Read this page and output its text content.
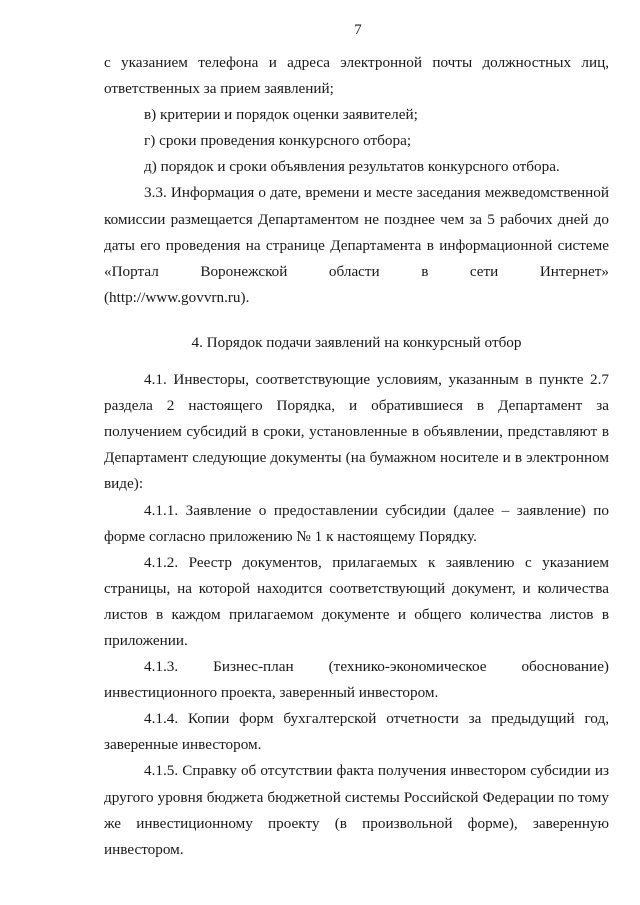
7

с указанием телефона и адреса электронной почты должностных лиц, ответственных за прием заявлений;

в) критерии и порядок оценки заявителей;

г) сроки проведения конкурсного отбора;

д) порядок и сроки объявления результатов конкурсного отбора.

3.3. Информация о дате, времени и месте заседания межведомственной комиссии размещается Департаментом не позднее чем за 5 рабочих дней до даты его проведения на странице Департамента в информационной системе «Портал Воронежской области в сети Интернет»

(http://www.govvrn.ru).

4. Порядок подачи заявлений на конкурсный отбор

4.1. Инвесторы, соответствующие условиям, указанным в пункте 2.7 раздела 2 настоящего Порядка, и обратившиеся в Департамент за получением субсидий в сроки, установленные в объявлении, представляют в Департамент следующие документы (на бумажном носителе и в электронном виде):

4.1.1. Заявление о предоставлении субсидии (далее – заявление) по форме согласно приложению № 1 к настоящему Порядку.

4.1.2. Реестр документов, прилагаемых к заявлению с указанием страницы, на которой находится соответствующий документ, и количества листов в каждом прилагаемом документе и общего количества листов в приложении.

4.1.3. Бизнес-план (технико-экономическое обоснование) инвестиционного проекта, заверенный инвестором.

4.1.4. Копии форм бухгалтерской отчетности за предыдущий год, заверенные инвестором.

4.1.5. Справку об отсутствии факта получения инвестором субсидии из другого уровня бюджета бюджетной системы Российской Федерации по тому же инвестиционному проекту (в произвольной форме), заверенную инвестором.
